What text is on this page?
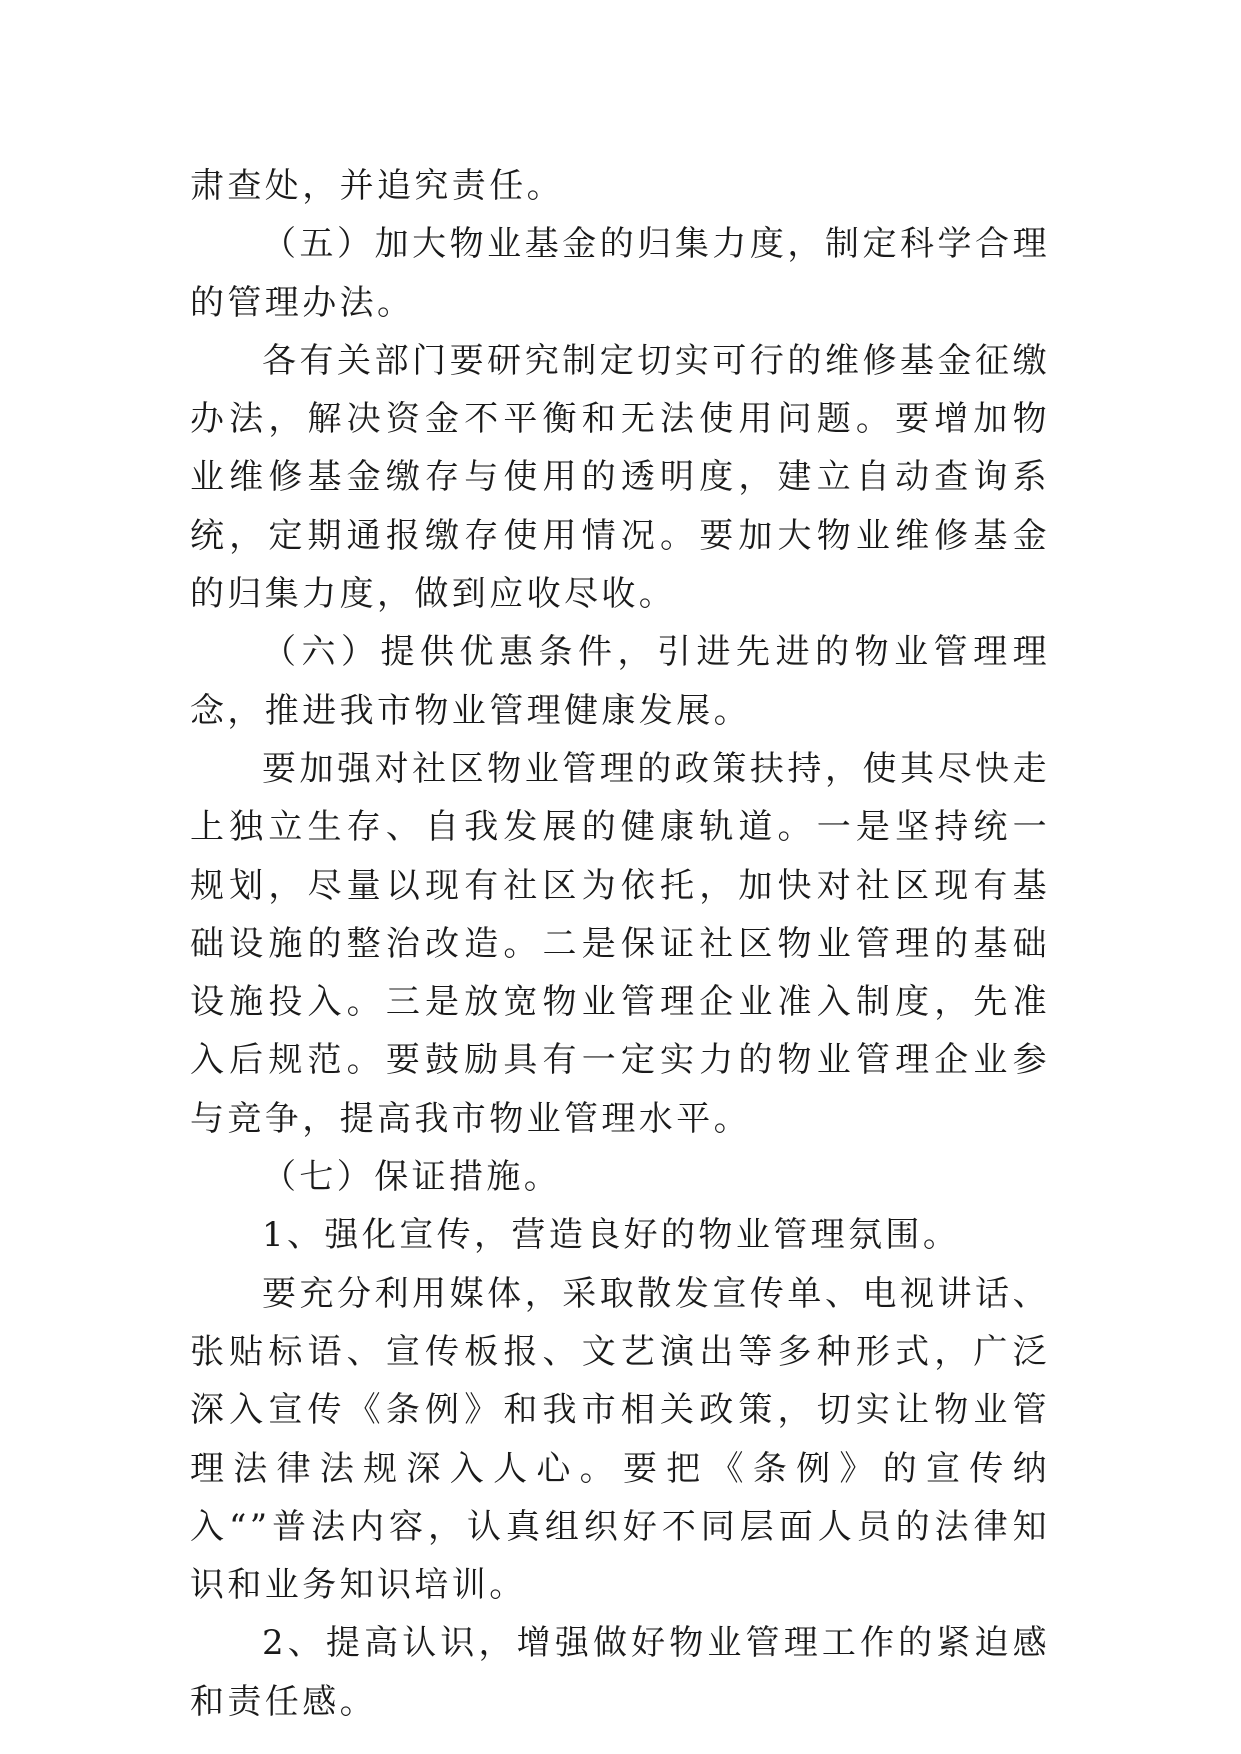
肃查处，并追究责任。

（五）加大物业基金的归集力度，制定科学合理的管理办法。

各有关部门要研究制定切实可行的维修基金征缴办法，解决资金不平衡和无法使用问题。要增加物业维修基金缴存与使用的透明度，建立自动查询系统，定期通报缴存使用情况。要加大物业维修基金的归集力度，做到应收尽收。

（六）提供优惠条件，引进先进的物业管理理念，推进我市物业管理健康发展。

要加强对社区物业管理的政策扶持，使其尽快走上独立生存、自我发展的健康轨道。一是坚持统一规划，尽量以现有社区为依托，加快对社区现有基础设施的整治改造。二是保证社区物业管理的基础设施投入。三是放宽物业管理企业准入制度，先准入后规范。要鼓励具有一定实力的物业管理企业参与竞争，提高我市物业管理水平。

（七）保证措施。

1、强化宣传，营造良好的物业管理氛围。

要充分利用媒体，采取散发宣传单、电视讲话、张贴标语、宣传板报、文艺演出等多种形式，广泛深入宣传《条例》和我市相关政策，切实让物业管理法律法规深入人心。要把《条例》的宣传纳入“”普法内容，认真组织好不同层面人员的法律知识和业务知识培训。

2、提高认识，增强做好物业管理工作的紧迫感和责任感。
